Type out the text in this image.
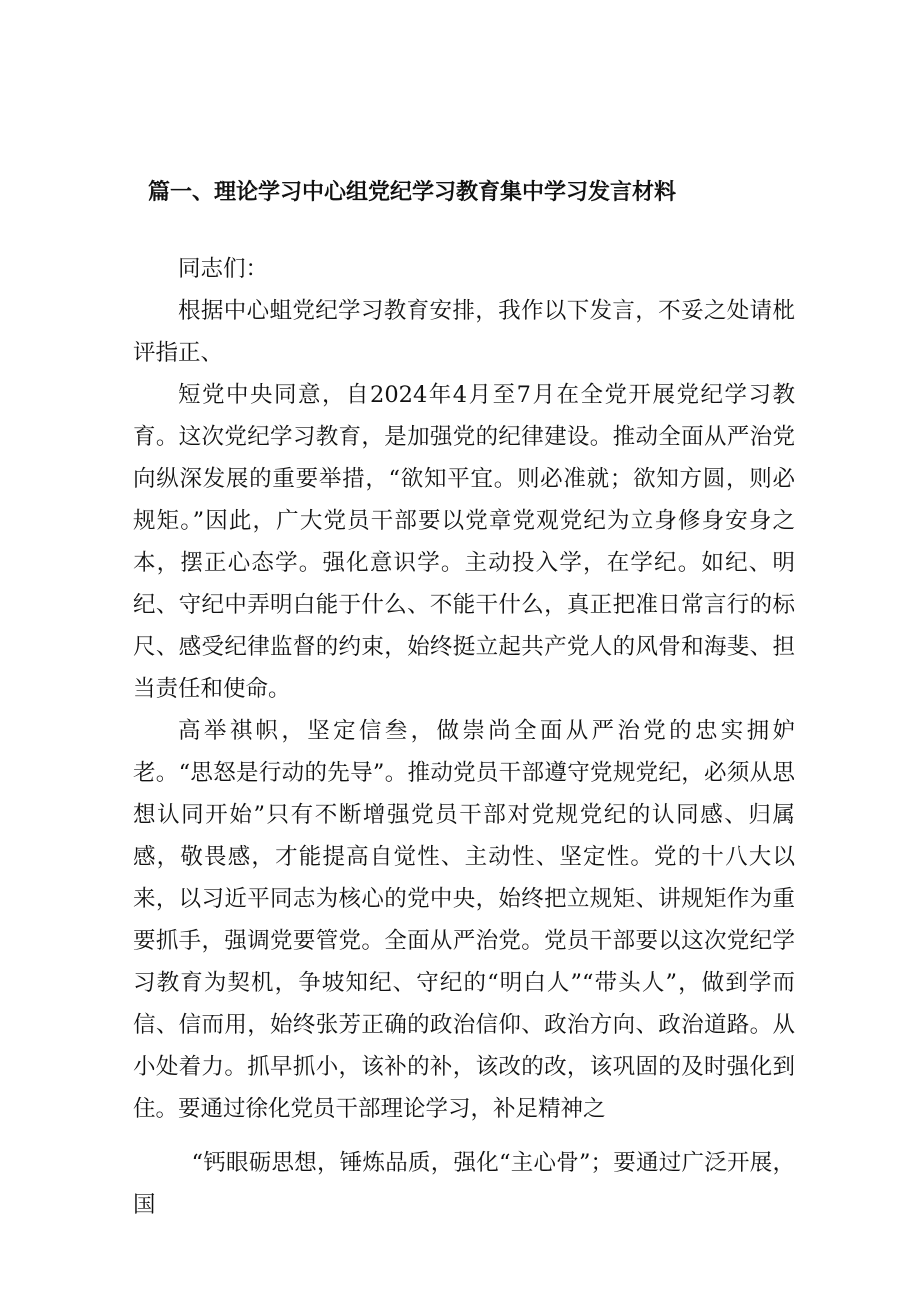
篇一、理论学习中心组党纪学习教育集中学习发言材料

同志们：

根据中心蛆党纪学习教育安排，我作以下发言，不妥之处请枇评指正、

短党中央同意，自2024年4月至7月在全党开展党纪学习教育。这次党纪学习教育，是加强党的纪律建设。推动全面从严治党向纵深发展的重要举措，“欲知平宜。则必准就；欲知方圆，则必规矩。”因此，广大党员干部要以党章党观党纪为立身修身安身之本，摆正心态学。强化意识学。主动投入学，在学纪。如纪、明纪、守纪中弄明白能于什么、不能干什么，真正把准日常言行的标尺、感受纪律监督的约束，始终挺立起共产党人的风骨和海斐、担当责任和使命。

高举祺帜，坚定信叁，做崇尚全面从严治党的忠实拥妒老。“思怒是行动的先导”。推动党员干部遵守党规党纪，必须从思想认同开始”只有不断增强党员干部对党规党纪的认同感、归属感，敬畏感，才能提高自觉性、主动性、坚定性。党的十八大以来，以习近平同志为核心的党中央，始终把立规矩、讲规矩作为重要抓手，强调党要管党。全面从严治党。党员干部要以这次党纪学习教育为契机，争坡知纪、守纪的“明白人”“带头人”，做到学而信、信而用，始终张芳正确的政治信仰、政治方向、政治道路。从小处着力。抓早抓小，该补的补，该改的改，该巩固的及时强化到住。要通过徐化党员干部理论学习，补足精神之

“钙眼砺思想，锤炼品质，强化“主心骨”；要通过广泛开展，国
